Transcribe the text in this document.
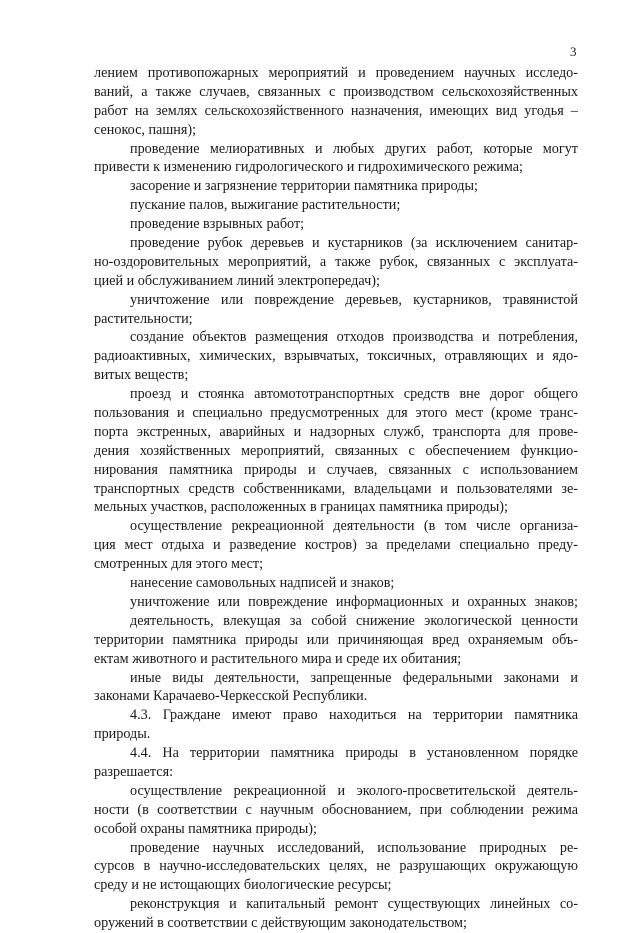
3
лением противопожарных мероприятий и проведением научных исследо-
ваний, а также случаев, связанных с производством сельскохозяйственных
работ на землях сельскохозяйственного назначения, имеющих вид угодья –
сенокос, пашня);
проведение мелиоративных и любых других работ, которые могут
привести к изменению гидрологического и гидрохимического режима;
засорение и загрязнение территории памятника природы;
пускание палов, выжигание растительности;
проведение взрывных работ;
проведение рубок деревьев и кустарников (за исключением санитар-
но-оздоровительных мероприятий, а также рубок, связанных с эксплуата-
цией и обслуживанием линий электропередач);
уничтожение или повреждение деревьев, кустарников, травянистой
растительности;
создание объектов размещения отходов производства и потребления,
радиоактивных, химических, взрывчатых, токсичных, отравляющих и ядо-
витых веществ;
проезд и стоянка автомототранспортных средств вне дорог общего
пользования и специально предусмотренных для этого мест (кроме транс-
порта экстренных, аварийных и надзорных служб, транспорта для прове-
дения хозяйственных мероприятий, связанных с обеспечением функцио-
нирования памятника природы и случаев, связанных с использованием
транспортных средств собственниками, владельцами и пользователями зе-
мельных участков, расположенных в границах памятника природы);
осуществление рекреационной деятельности (в том числе организа-
ция мест отдыха и разведение костров) за пределами специально преду-
смотренных для этого мест;
нанесение самовольных надписей и знаков;
уничтожение или повреждение информационных и охранных знаков;
деятельность, влекущая за собой снижение экологической ценности
территории памятника природы или причиняющая вред охраняемым объ-
ектам животного и растительного мира и среде их обитания;
иные виды деятельности, запрещенные федеральными законами и
законами Карачаево-Черкесской Республики.
4.3. Граждане имеют право находиться на территории памятника
природы.
4.4. На территории памятника природы в установленном порядке
разрешается:
осуществление рекреационной и эколого-просветительской деятель-
ности (в соответствии с научным обоснованием, при соблюдении режима
особой охраны памятника природы);
проведение научных исследований, использование природных ре-
сурсов в научно-исследовательских целях, не разрушающих окружающую
среду и не истощающих биологические ресурсы;
реконструкция и капитальный ремонт существующих линейных со-
оружений в соответствии с действующим законодательством;
